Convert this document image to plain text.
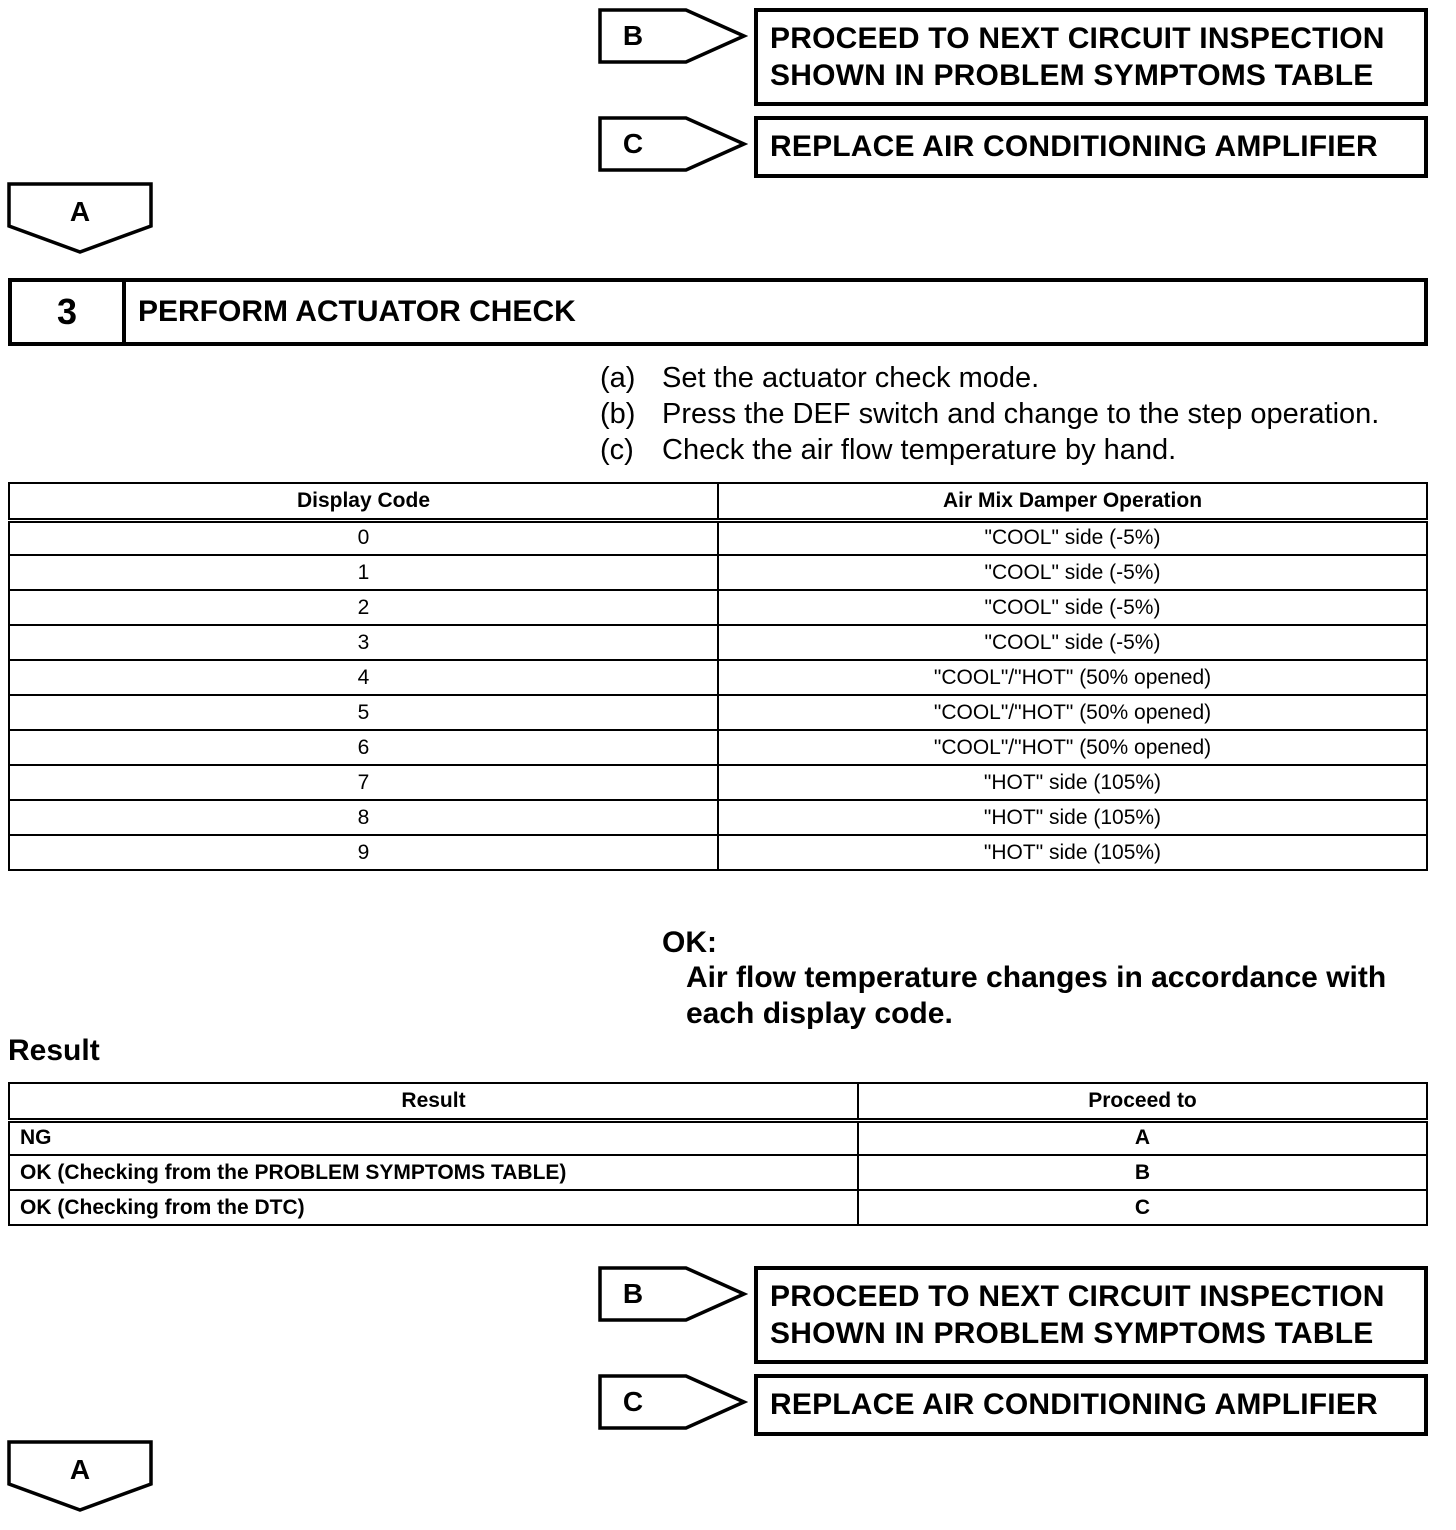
B	PROCEED TO NEXT CIRCUIT INSPECTION
SHOWN IN PROBLEM SYMPTOMS TABLE
C	REPLACE AIR CONDITIONING AMPLIFIER
A
3	PERFORM ACTUATOR CHECK
(a) Set the actuator check mode.
(b) Press the DEF switch and change to the step operation.
(c) Check the air flow temperature by hand.
Display Code	Air Mix Damper Operation
0	"COOL" side (-5%)
1	"COOL" side (-5%)
2	"COOL" side (-5%)
3	"COOL" side (-5%)
4	"COOL"/"HOT" (50% opened)
5	"COOL"/"HOT" (50% opened)
6	"COOL"/"HOT" (50% opened)
7	"HOT" side (105%)
8	"HOT" side (105%)
9	"HOT" side (105%)
OK:
Air flow temperature changes in accordance with each display code.
Result
Result	Proceed to
NG	A
OK (Checking from the PROBLEM SYMPTOMS TABLE)	B
OK (Checking from the DTC)	C
B	PROCEED TO NEXT CIRCUIT INSPECTION
SHOWN IN PROBLEM SYMPTOMS TABLE
C	REPLACE AIR CONDITIONING AMPLIFIER
A
